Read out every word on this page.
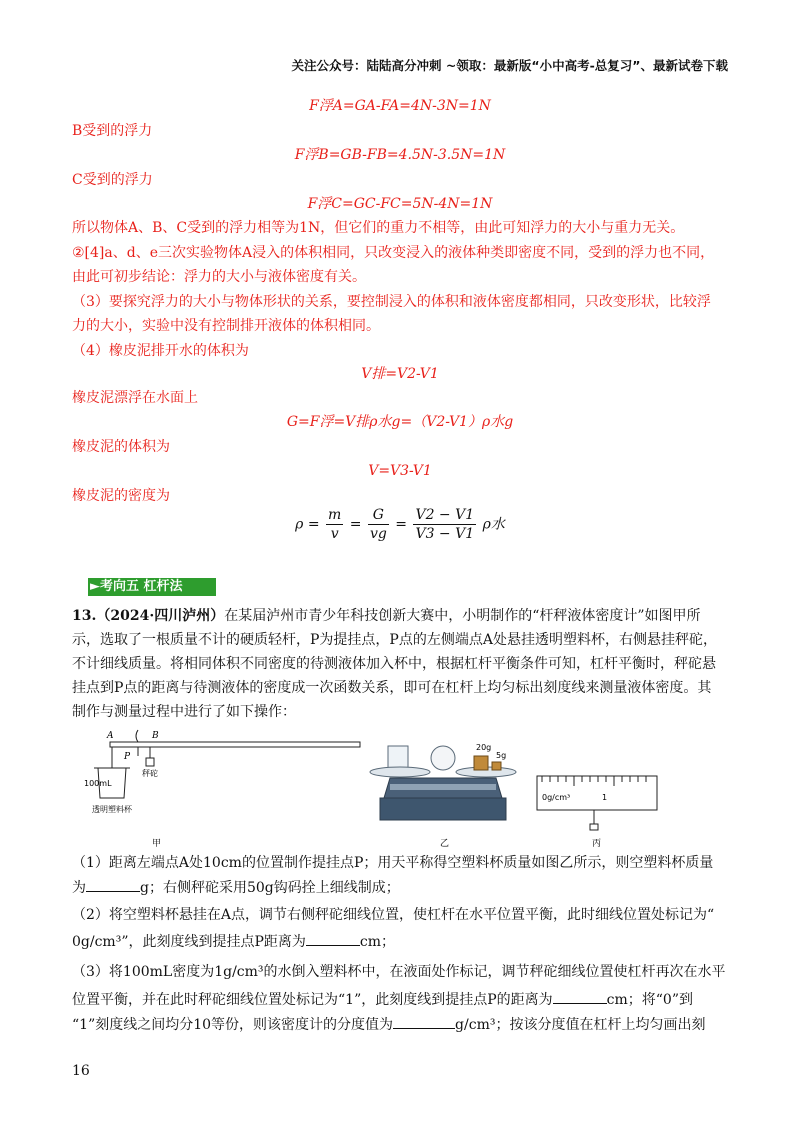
关注公众号：陆陆高分冲刺 ~领取：最新版“小中高考-总复习”、最新试卷下载
F浮A=GA-FA=4N-3N=1N
B受到的浮力
F浮B=GB-FB=4.5N-3.5N=1N
C受到的浮力
F浮C=GC-FC=5N-4N=1N
所以物体A、B、C受到的浮力相等为1N，但它们的重力不相等，由此可知浮力的大小与重力无关。
②[4]a、d、e三次实验物体A浸入的体积相同，只改变浸入的液体种类即密度不同，受到的浮力也不同，
由此可初步结论：浮力的大小与液体密度有关。
（3）要探究浮力的大小与物体形状的关系，要控制浸入的体积和液体密度都相同，只改变形状，比较浮
力的大小，实验中没有控制排开液体的体积相同。
（4）橡皮泥排开水的体积为
V排=V2-V1
橡皮泥漂浮在水面上
G=F浮=V排ρ水g=（V2-V1）ρ水g
橡皮泥的体积为
V=V3-V1
橡皮泥的密度为
$\rho = \frac{m}{v} = \frac{G}{vg} = \frac{V2 - V1}{V3 - V1}$ ρ水
►考向五 杠杆法
13.（2024·四川泸州）在某届泸州市青少年科技创新大赛中，小明制作的“杆秤液体密度计”如图甲所
示，选取了一根质量不计的硬质轻杆，P为提挂点，P点的左侧端点A处悬挂透明塑料杯，右侧悬挂秤砣，
不计细线质量。将相同体积不同密度的待测液体加入杯中，根据杠杆平衡条件可知，杠杆平衡时，秤砣悬
挂点到P点的距离与待测液体的密度成一次函数关系，即可在杠杆上均匀标出刻度线来测量液体密度。其
制作与测量过程中进行了如下操作：
A
P
B
秤砣
100mL
透明塑料杯
甲
20g
5g
乙
0g/cm³	1
丙
（1）距离左端点A处10cm的位置制作提挂点P；用天平称得空塑料杯质量如图乙所示，则空塑料杯质量
为	g；右侧秤砣采用50g钩码拴上细线制成；
（2）将空塑料杯悬挂在A点，调节右侧秤砣细线位置，使杠杆在水平位置平衡，此时细线位置处标记为“
0g/cm³”，此刻度线到提挂点P距离为	cm；
（3）将100mL密度为1g/cm³的水倒入塑料杯中，在液面处作标记，调节秤砣细线位置使杠杆再次在水平
位置平衡，并在此时秤砣细线位置处标记为“1”，此刻度线到提挂点P的距离为	cm；将“0”到
“1”刻度线之间均分10等份，则该密度计的分度值为	g/cm³；按该分度值在杠杆上均匀画出刻
16
